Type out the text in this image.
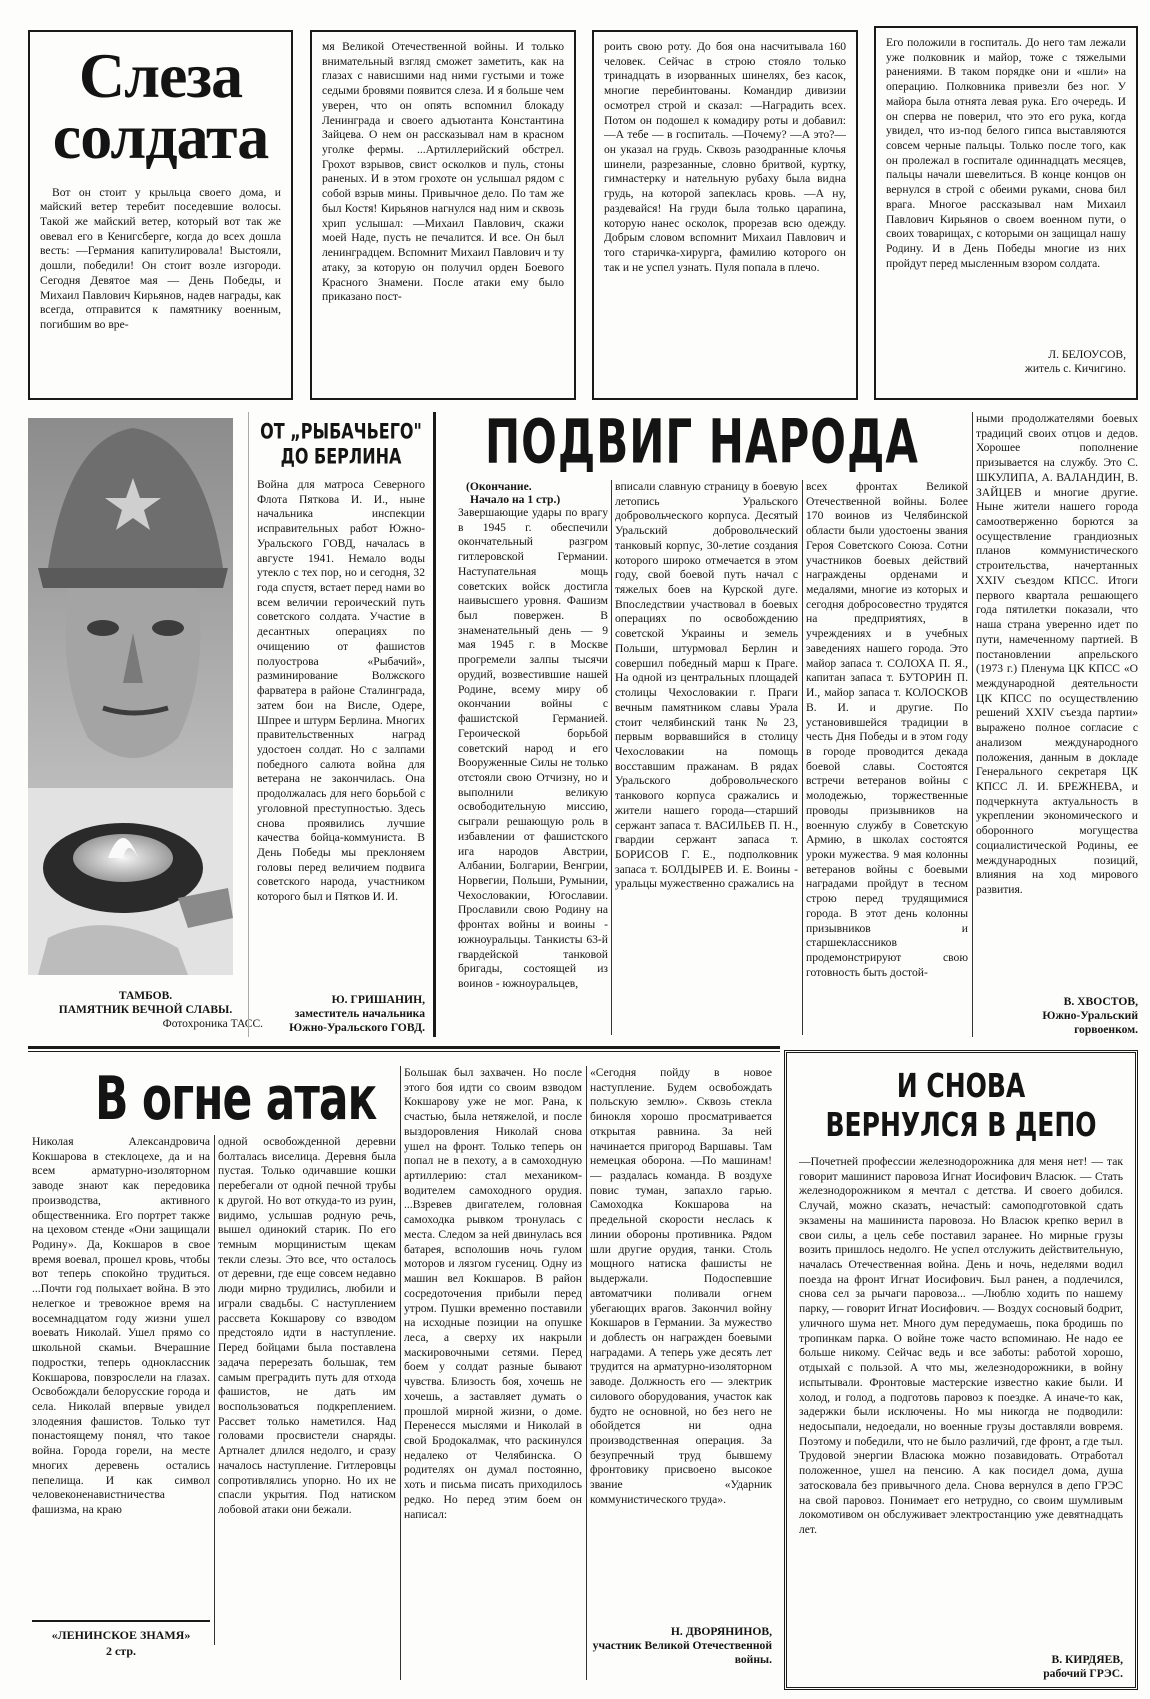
Слеза
солдата
Вот он стоит у крыльца своего дома, и майский ветер теребит поседевшие волосы. Такой же майский ветер, который вот так же овевал его в Кенигсберге, когда до всех дошла весть: —Германия капитулировала! Выстояли, дошли, победили! Он стоит возле изгороди. Сегодня Девятое мая — День Победы, и Михаил Павлович Кирьянов, надев награды, как всегда, отправится к памятнику военным, погибшим во вре-
мя Великой Отечественной войны. И только внимательный взгляд сможет заметить, как на глазах с нависшими над ними густыми и тоже седыми бровями появится слеза. И я больше чем уверен, что он опять вспомнил блокаду Ленинграда и своего адъютанта Константина Зайцева. О нем он рассказывал нам в красном уголке фермы. ...Артиллерийский обстрел. Грохот взрывов, свист осколков и пуль, стоны раненых. И в этом грохоте он услышал рядом с собой взрыв мины. Привычное дело. По там же был Костя! Кирьянов нагнулся над ним и сквозь хрип услышал: —Михаил Павлович, скажи моей Наде, пусть не печалится. И все. Он был ленинградцем. Вспомнит Михаил Павлович и ту атаку, за которую он получил орден Боевого Красного Знамени. После атаки ему было приказано пост-
роить свою роту. До боя она насчитывала 160 человек. Сейчас в строю стояло только тринадцать в изорванных шинелях, без касок, многие перебинтованы. Командир дивизии осмотрел строй и сказал: —Наградить всех. Потом он подошел к комадиру роты и добавил: —А тебе — в госпиталь. —Почему? —А это?—он указал на грудь. Сквозь разодранные клочья шинели, разрезанные, словно бритвой, куртку, гимнастерку и нательную рубаху была видна грудь, на которой запеклась кровь. —А ну, раздевайся! На груди была только царапина, которую нанес осколок, прорезав всю одежду. Добрым словом вспомнит Михаил Павлович и того старичка-хирурга, фамилию которого он так и не успел узнать. Пуля попала в плечо.
Его положили в госпиталь. До него там лежали уже полковник и майор, тоже с тяжелыми ранениями. В таком порядке они и «шли» на операцию. Полковника привезли без ног. У майора была отнята левая рука. Его очередь. И он сперва не поверил, что это его рука, когда увидел, что из-под белого гипса выставляются совсем черные пальцы. Только после того, как он пролежал в госпитале одиннадцать месяцев, пальцы начали шевелиться. В конце концов он вернулся в строй с обеими руками, снова бил врага. Многое рассказывал нам Михаил Павлович Кирьянов о своем военном пути, о своих товарищах, с которыми он защищал нашу Родину. И в День Победы многие из них пройдут перед мысленным взором солдата.
Л. БЕЛОУСОВ,
житель с. Кичигино.
ТАМБОВ.
ПАМЯТНИК ВЕЧНОЙ СЛАВЫ.
Фотохроника ТАСС.
ОТ „РЫБАЧЬЕГО"
ДО БЕРЛИНА
Война для матроса Северного Флота Пяткова И. И., ныне начальника инспекции исправительных работ Южно-Уральского ГОВД, началась в августе 1941. Немало воды утекло с тех пор, но и сегодня, 32 года спустя, встает перед нами во всем величии героический путь советского солдата. Участие в десантных операциях по очищению от фашистов полуострова «Рыбачий», разминирование Волжского фарватера в районе Сталинграда, затем бои на Висле, Одере, Шпрее и штурм Берлина. Многих правительственных наград удостоен солдат. Но с залпами победного салюта война для ветерана не закончилась. Она продолжалась для него борьбой с уголовной преступностью. Здесь снова проявились лучшие качества бойца-коммуниста. В День Победы мы преклоняем головы перед величием подвига советского народа, участником которого был и Пятков И. И.
Ю. ГРИШАНИН,
заместитель начальника Южно-Уральского ГОВД.
ПОДВИГ НАРОДА
(Окончание.
Начало на 1 стр.)
Завершающие удары по врагу в 1945 г. обеспечили окончательный разгром гитлеровской Германии. Наступательная мощь советских войск достигла наивысшего уровня. Фашизм был повержен. В знаменательный день — 9 мая 1945 г. в Москве прогремели залпы тысячи орудий, возвестившие нашей Родине, всему миру об окончании войны с фашистской Германией. Героической борьбой советский народ и его Вооруженные Силы не только отстояли свою Отчизну, но и выполнили великую освободительную миссию, сыграли решающую роль в избавлении от фашистского ига народов Австрии, Албании, Болгарии, Венгрии, Норвегии, Польши, Румынии, Чехословакии, Югославии. Прославили свою Родину на фронтах войны и воины - южноуральцы. Танкисты 63-й гвардейской танковой бригады, состоящей из воинов - южноуральцев,
вписали славную страницу в боевую летопись Уральского добровольческого корпуса. Десятый Уральский добровольческий танковый корпус, 30-летие создания которого широко отмечается в этом году, свой боевой путь начал с тяжелых боев на Курской дуге. Впоследствии участвовал в боевых операциях по освобождению советской Украины и земель Польши, штурмовал Берлин и совершил победный марш к Праге. На одной из центральных площадей столицы Чехословакии г. Праги вечным памятником славы Урала стоит челябинский танк № 23, первым ворвавшийся в столицу Чехословакии на помощь восставшим пражанам. В рядах Уральского добровольческого танкового корпуса сражались и жители нашего города—старший сержант запаса т. ВАСИЛЬЕВ П. Н., гвардии сержант запаса т. БОРИСОВ Г. Е., подполковник запаса т. БОЛДЫРЕВ И. Е. Воины - уральцы мужественно сражались на
всех фронтах Великой Отечественной войны. Более 170 воинов из Челябинской области были удостоены звания Героя Советского Союза. Сотни участников боевых действий награждены орденами и медалями, многие из которых и сегодня добросовестно трудятся на предприятиях, в учреждениях и в учебных заведениях нашего города. Это майор запаса т. СОЛОХА П. Я., капитан запаса т. БУТОРИН П. И., майор запаса т. КОЛОСКОВ В. И. и другие. По установившейся традиции в честь Дня Победы и в этом году в городе проводится декада боевой славы. Состоятся встречи ветеранов войны с молодежью, торжественные проводы призывников на военную службу в Советскую Армию, в школах состоятся уроки мужества. 9 мая колонны ветеранов войны с боевыми наградами пройдут в тесном строю перед трудящимися города. В этот день колонны призывников и старшеклассников продемонстрируют свою готовность быть достой-
ными продолжателями боевых традиций своих отцов и дедов. Хорошее пополнение призывается на службу. Это С. ШКУЛИПА, А. ВАЛАНДИН, В. ЗАЙЦЕВ и многие другие. Ныне жители нашего города самоотверженно борются за осуществление грандиозных планов коммунистического строительства, начертанных XXIV съездом КПСС. Итоги первого квартала решающего года пятилетки показали, что наша страна уверенно идет по пути, намеченному партией. В постановлении апрельского (1973 г.) Пленума ЦК КПСС «О международной деятельности ЦК КПСС по осуществлению решений XXIV съезда партии» выражено полное согласие с анализом международного положения, данным в докладе Генерального секретаря ЦК КПСС Л. И. БРЕЖНЕВА, и подчеркнута актуальность в укреплении экономического и оборонного могущества социалистической Родины, ее международных позиций, влияния на ход мирового развития.
В. ХВОСТОВ,
Южно-Уральский горвоенком.
В огне атак
Николая Александровича Кокшарова в стеклоцехе, да и на всем арматурно-изоляторном заводе знают как передовика производства, активного общественника. Его портрет также на цеховом стенде «Они защищали Родину». Да, Кокшаров в свое время воевал, прошел кровь, чтобы вот теперь спокойно трудиться. ...Почти год полыхает война. В это нелегкое и тревожное время на восемнадцатом году жизни ушел воевать Николай. Ушел прямо со школьной скамьи. Вчерашние подростки, теперь одноклассник Кокшарова, повзрослели на глазах. Освобождали белорусские города и села. Николай впервые увидел злодеяния фашистов. Только тут понастоящему понял, что такое война. Города горели, на месте многих деревень остались пепелища. И как символ человеконенавистничества фашизма, на краю
одной освобожденной деревни болталась виселица. Деревня была пустая. Только одичавшие кошки перебегали от одной печной трубы к другой. Но вот откуда-то из руин, видимо, услышав родную речь, вышел одинокий старик. По его темным морщинистым щекам текли слезы. Это все, что осталось от деревни, где еще совсем недавно люди мирно трудились, любили и играли свадьбы. С наступлением рассвета Кокшарову со взводом предстояло идти в наступление. Перед бойцами была поставлена задача перерезать большак, тем самым преградить путь для отхода фашистов, не дать им воспользоваться подкреплением. Рассвет только наметился. Над головами просвистели снаряды. Артналет длился недолго, и сразу началось наступление. Гитлеровцы сопротивлялись упорно. Но их не спасли укрытия. Под натиском лобовой атаки они бежали.
Большак был захвачен. Но после этого боя идти со своим взводом Кокшарову уже не мог. Рана, к счастью, была нетяжелой, и после выздоровления Николай снова ушел на фронт. Только теперь он попал не в пехоту, а в самоходную артиллерию: стал механиком-водителем самоходного орудия. ...Взревев двигателем, головная самоходка рывком тронулась с места. Следом за ней двинулась вся батарея, всполошив ночь гулом моторов и лязгом гусениц. Одну из машин вел Кокшаров. В район сосредоточения прибыли перед утром. Пушки временно поставили на исходные позиции на опушке леса, а сверху их накрыли маскировочными сетями. Перед боем у солдат разные бывают чувства. Близость боя, хочешь не хочешь, а заставляет думать о прошлой мирной жизни, о доме. Перенесся мыслями и Николай в свой Бродокалмак, что раскинулся недалеко от Челябинска. О родителях он думал постоянно, хоть и письма писать приходилось редко. Но перед этим боем он написал:
«Сегодня пойду в новое наступление. Будем освобождать польскую землю». Сквозь стекла бинокля хорошо просматривается открытая равнина. За ней начинается пригород Варшавы. Там немецкая оборона. —По машинам! — раздалась команда. В воздухе повис туман, запахло гарью. Самоходка Кокшарова на предельной скорости неслась к линии обороны противника. Рядом шли другие орудия, танки. Столь мощного натиска фашисты не выдержали. Подоспевшие автоматчики поливали огнем убегающих врагов. Закончил войну Кокшаров в Германии. За мужество и доблесть он награжден боевыми наградами. А теперь уже десять лет трудится на арматурно-изоляторном заводе. Должность его — электрик силового оборудования, участок как будто не основной, но без него не обойдется ни одна производственная операция. За безупречный труд бывшему фронтовику присвоено высокое звание «Ударник коммунистического труда».
Н. ДВОРЯНИНОВ,
участник Великой Отечественной войны.
«ЛЕНИНСКОЕ ЗНАМЯ»
2 стр.
И СНОВА
ВЕРНУЛСЯ В ДЕПО
—Почетней профессии железнодорожника для меня нет! — так говорит машинист паровоза Игнат Иосифович Власюк. — Стать железнодорожником я мечтал с детства. И своего добился. Случай, можно сказать, нечастый: самоподготовкой сдать экзамены на машиниста паровоза. Но Власюк крепко верил в свои силы, а цель себе поставил заранее. Но мирные грузы возить пришлось недолго. Не успел отслужить действительную, началась Отечественная война. День и ночь, неделями водил поезда на фронт Игнат Иосифович. Был ранен, а подлечился, снова сел за рычаги паровоза... —Люблю ходить по нашему парку, — говорит Игнат Иосифович. — Воздух сосновый бодрит, уличного шума нет. Много дум передумаешь, пока бродишь по тропинкам парка. О войне тоже часто вспоминаю. Не надо ее больше никому. Сейчас ведь и все заботы: работой хорошо, отдыхай с пользой. А что мы, железнодорожники, в войну испытывали. Фронтовые мастерские известно какие были. И холод, и голод, а подготовь паровоз к поездке. А иначе-то как, задержки были исключены. Но мы никогда не подводили: недосыпали, недоедали, но военные грузы доставляли вовремя. Поэтому и победили, что не было различий, где фронт, а где тыл. Трудовой энергии Власюка можно позавидовать. Отработал положенное, ушел на пенсию. А как посидел дома, душа затосковала без привычного дела. Снова вернулся в депо ГРЭС на свой паровоз. Понимает его нетрудно, со своим шумливым локомотивом он обслуживает электростанцию уже девятнадцать лет.
В. КИРДЯЕВ,
рабочий ГРЭС.
